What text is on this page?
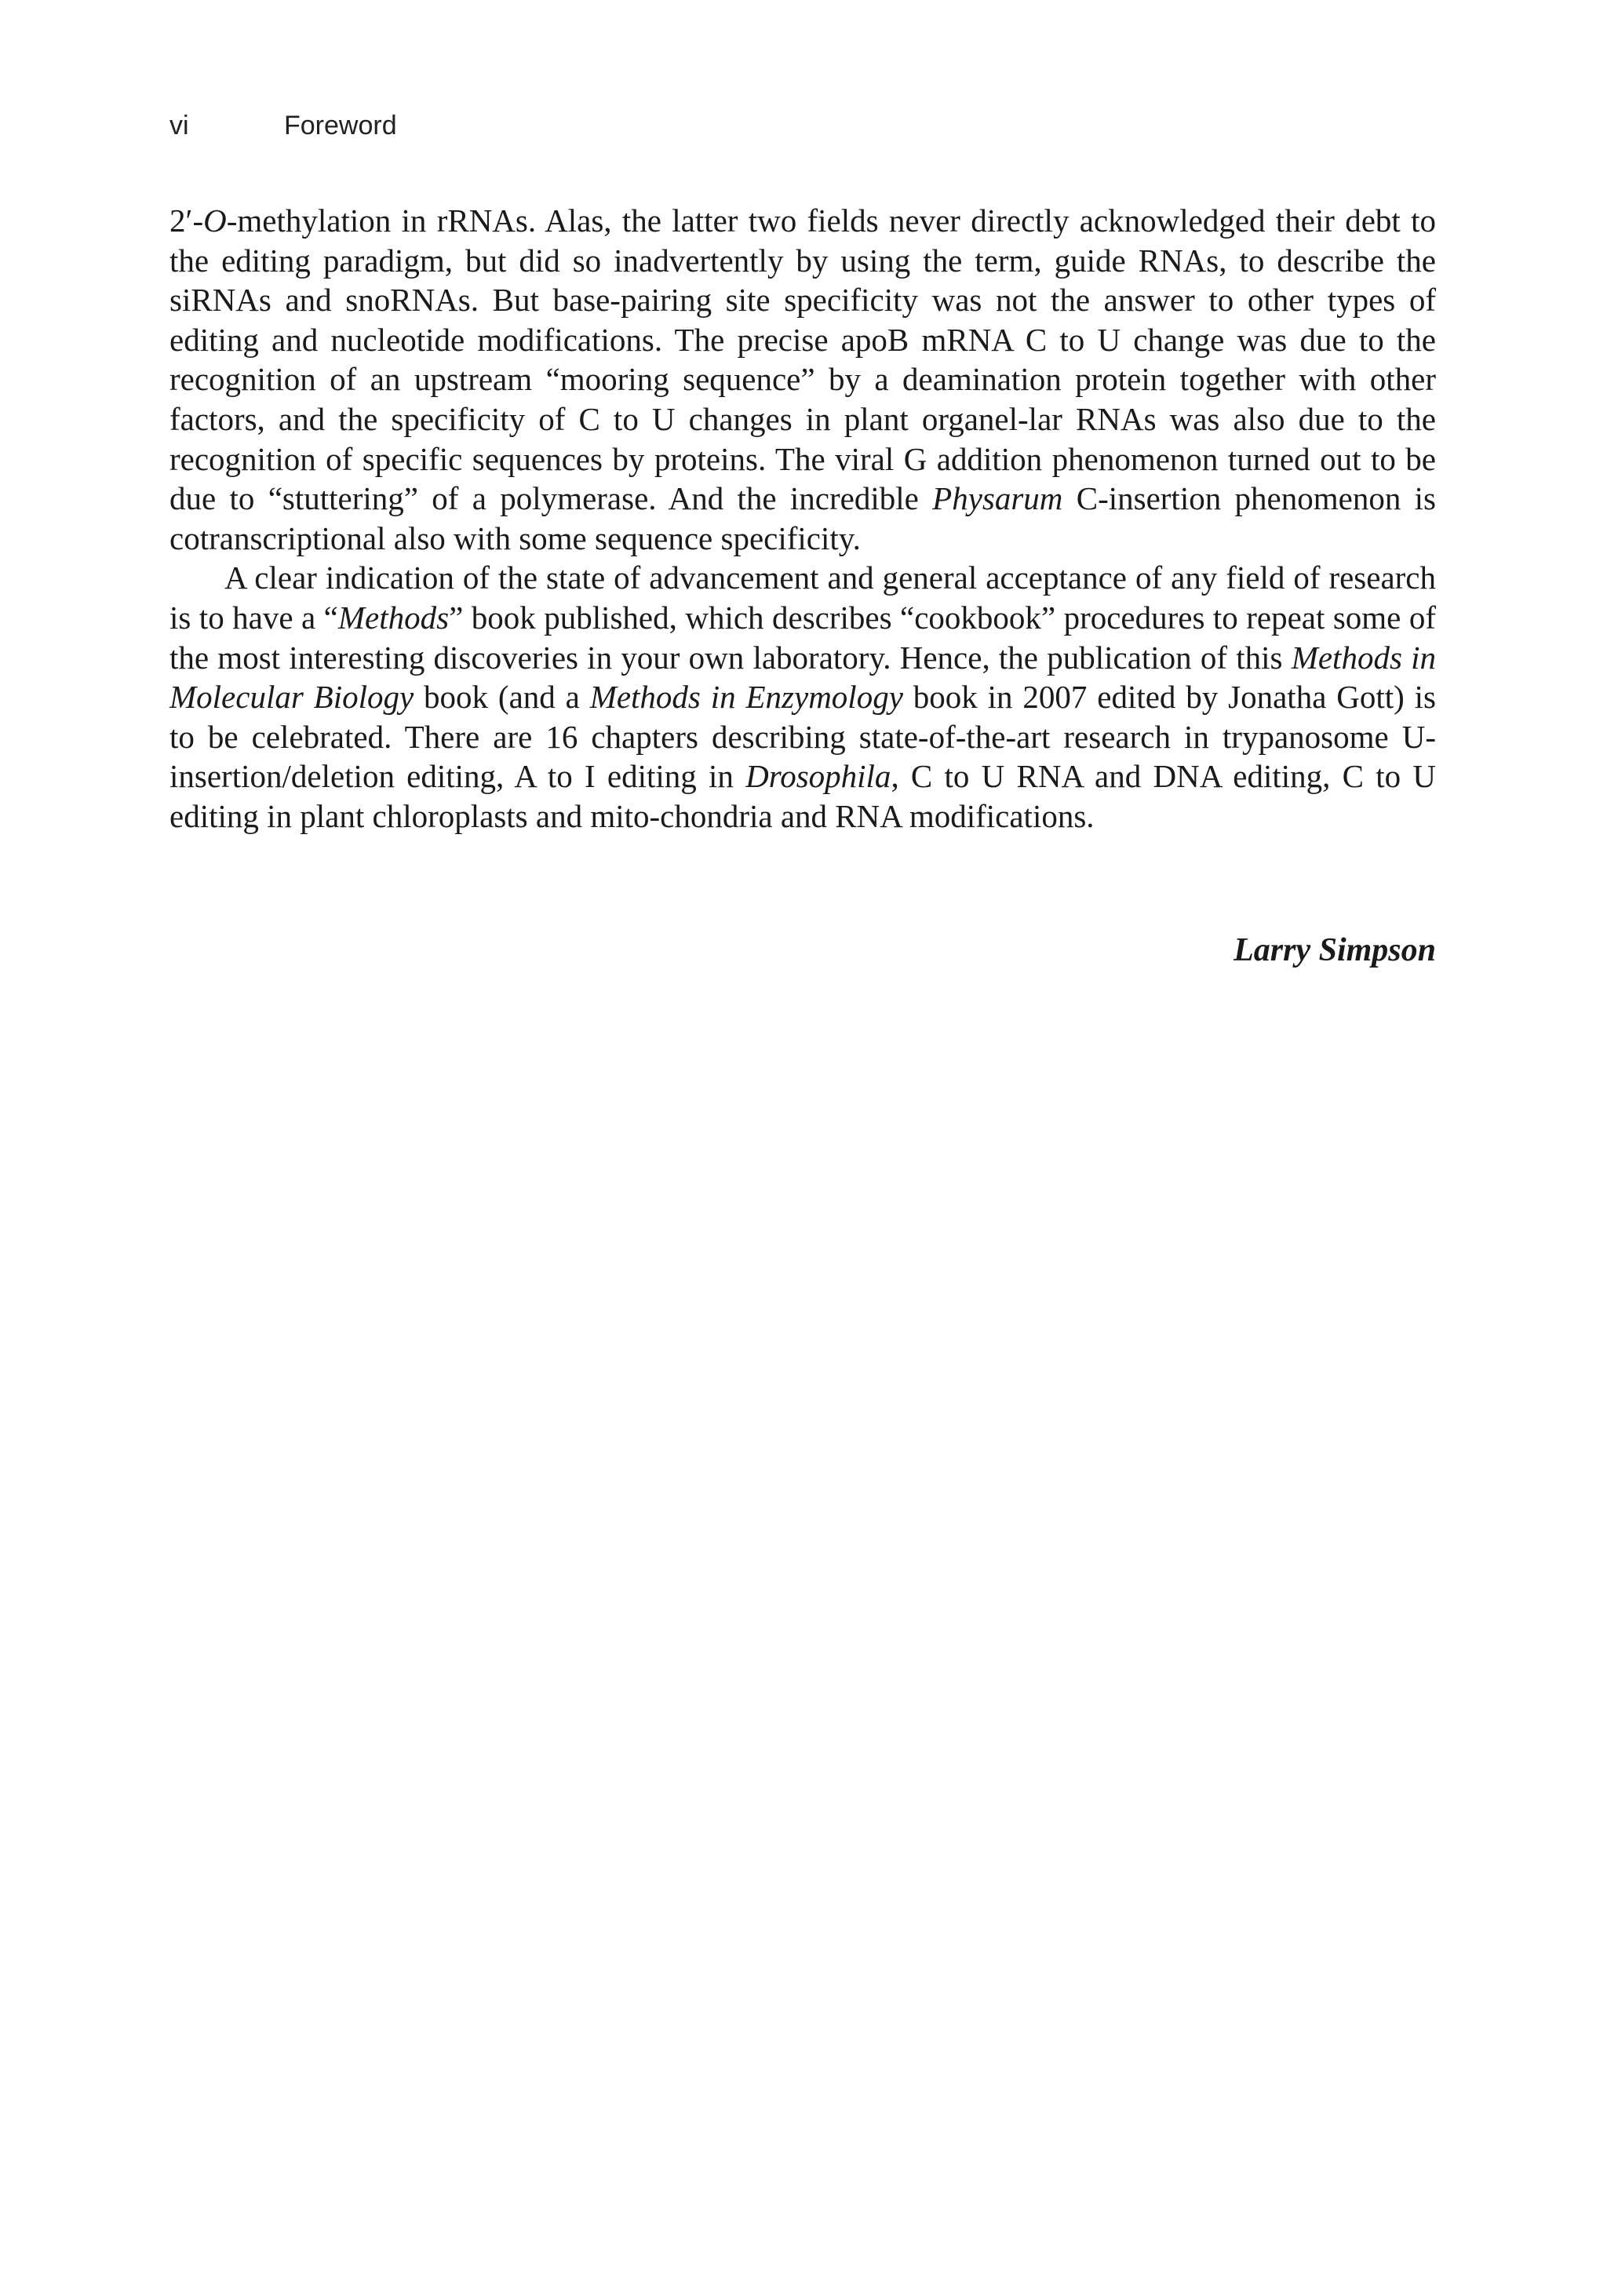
vi	Foreword

2′-O-methylation in rRNAs. Alas, the latter two fields never directly acknowledged their debt to the editing paradigm, but did so inadvertently by using the term, guide RNAs, to describe the siRNAs and snoRNAs. But base-pairing site specificity was not the answer to other types of editing and nucleotide modifications. The precise apoB mRNA C to U change was due to the recognition of an upstream “mooring sequence” by a deamination protein together with other factors, and the specificity of C to U changes in plant organel-lar RNAs was also due to the recognition of specific sequences by proteins. The viral G addition phenomenon turned out to be due to “stuttering” of a polymerase. And the incredible Physarum C-insertion phenomenon is cotranscriptional also with some sequence specificity.

A clear indication of the state of advancement and general acceptance of any field of research is to have a “Methods” book published, which describes “cookbook” procedures to repeat some of the most interesting discoveries in your own laboratory. Hence, the publication of this Methods in Molecular Biology book (and a Methods in Enzymology book in 2007 edited by Jonatha Gott) is to be celebrated. There are 16 chapters describing state-of-the-art research in trypanosome U-insertion/deletion editing, A to I editing in Drosophila, C to U RNA and DNA editing, C to U editing in plant chloroplasts and mito-chondria and RNA modifications.

Larry Simpson
